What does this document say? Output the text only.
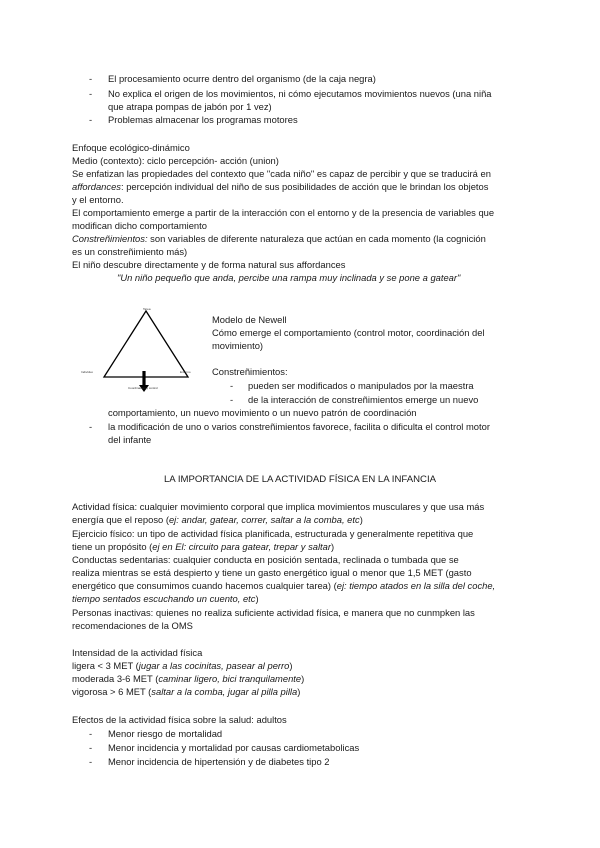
- El procesamiento ocurre dentro del organismo (de la caja negra)
- No explica el origen de los movimientos, ni cómo ejecutamos movimientos nuevos (una niña
que atrapa pompas de jabón por 1 vez)
- Problemas almacenar los programas motores
Enfoque ecológico-dinámico
Medio (contexto): ciclo percepción- acción (union)
Se enfatizan las propiedades del contexto que "cada niño" es capaz de percibir y que se traducirá en
affordances: percepción individual del niño de sus posibilidades de acción que le brindan los objetos
y el entorno.
El comportamiento emerge a partir de la interacción con el entorno y de la presencia de variables que
modifican dicho comportamiento
Constreñimientos: son variables de diferente naturaleza que actúan en cada momento (la cognición
es un constreñimiento más)
El niño descubre directamente y de forma natural sus affordances
"Un niño pequeño que anda, percibe una rampa muy inclinada y se pone a gatear"
Tarea
Individuo	Entorno
Coordinación y control
Modelo de Newell
Cómo emerge el comportamiento (control motor, coordinación del
movimiento)
Constreñimientos:
- pueden ser modificados o manipulados por la maestra
- de la interacción de constreñimientos emerge un nuevo
comportamiento, un nuevo movimiento o un nuevo patrón de coordinación
- la modificación de uno o varios constreñimientos favorece, facilita o dificulta el control motor
del infante
LA IMPORTANCIA DE LA ACTIVIDAD FÍSICA EN LA INFANCIA
Actividad física: cualquier movimiento corporal que implica movimientos musculares y que usa más
energía que el reposo (ej: andar, gatear, correr, saltar a la comba, etc)
Ejercicio físico: un tipo de actividad física planificada, estructurada y generalmente repetitiva que
tiene un propósito (ej en El: circuito para gatear, trepar y saltar)
Conductas sedentarias: cualquier conducta en posición sentada, reclinada o tumbada que se
realiza mientras se está despierto y tiene un gasto energético igual o menor que 1,5 MET (gasto
energético que consumimos cuando hacemos cualquier tarea) (ej: tiempo atados en la silla del coche,
tiempo sentados escuchando un cuento, etc)
Personas inactivas: quienes no realiza suficiente actividad física, e manera que no cunmpken las
recomendaciones de la OMS
Intensidad de la actividad física
ligera < 3 MET (jugar a las cocinitas, pasear al perro)
moderada 3-6 MET (caminar ligero, bici tranquilamente)
vigorosa > 6 MET (saltar a la comba, jugar al pilla pilla)
Efectos de la actividad física sobre la salud: adultos
- Menor riesgo de mortalidad
- Menor incidencia y mortalidad por causas cardiometabolicas
- Menor incidencia de hipertensión y de diabetes tipo 2
